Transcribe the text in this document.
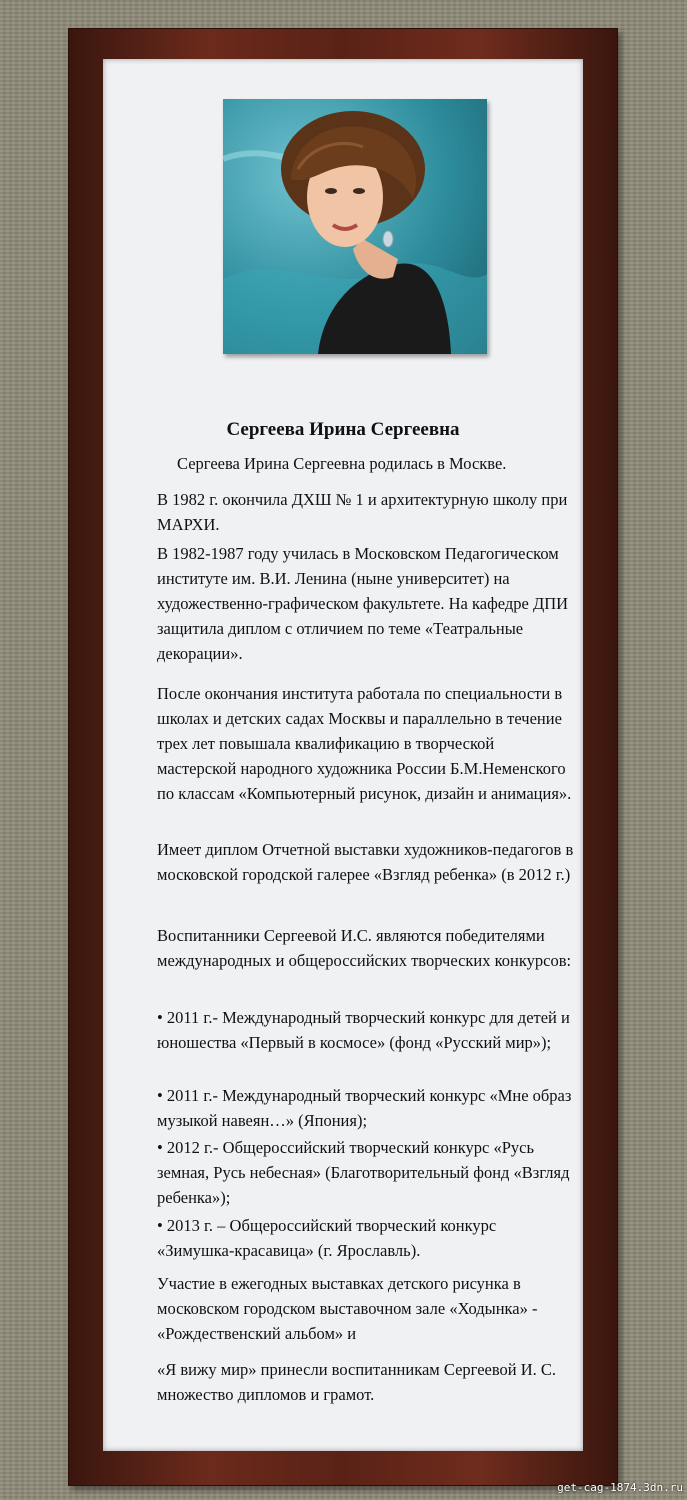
Сергеева Ирина Сергеевна
Сергеева Ирина Сергеевна родилась в Москве.
В 1982 г. окончила ДХШ № 1 и архитектурную школу при МАРХИ.
В 1982-1987 году училась в Московском Педагогическом институте им. В.И. Ленина (ныне университет) на художественно-графическом факультете. На кафедре ДПИ защитила диплом с отличием по теме «Театральные декорации».
После окончания института работала по специальности в школах и детских садах Москвы и параллельно в течение трех лет повышала квалификацию в творческой мастерской народного художника России Б.М.Неменского по классам «Компьютерный рисунок, дизайн и анимация».
Имеет диплом Отчетной выставки художников-педагогов в московской городской галерее «Взгляд ребенка» (в 2012 г.)
Воспитанники Сергеевой И.С. являются победителями международных и общероссийских творческих конкурсов:
• 2011 г.- Международный творческий конкурс для детей и юношества «Первый в космосе» (фонд «Русский мир»);
• 2011 г.- Международный творческий конкурс «Мне образ музыкой навеян…» (Япония);
• 2012 г.- Общероссийский творческий конкурс «Русь земная, Русь небесная» (Благотворительный фонд «Взгляд ребенка»);
• 2013 г. – Общероссийский творческий конкурс «Зимушка-красавица» (г. Ярославль).
Участие в ежегодных выставках детского рисунка в московском городском выставочном зале «Ходынка» - «Рождественский альбом» и
«Я вижу мир» принесли воспитанникам Сергеевой И. С. множество дипломов и грамот.
get-cag-1874.3dn.ru
